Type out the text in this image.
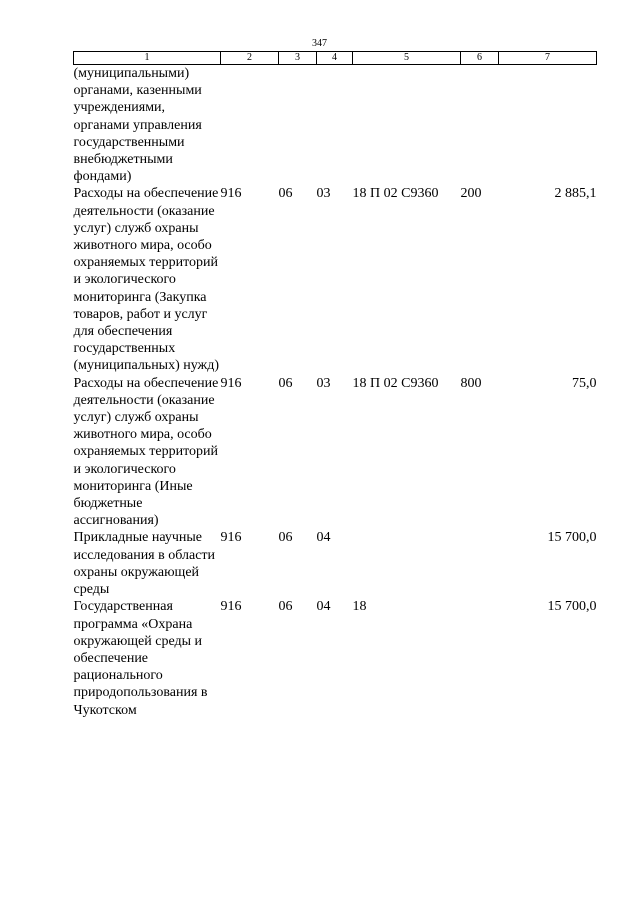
347
1	2	3	4	5	6	7
(муниципальными) органами, казенными учреждениями, органами управления государственными внебюджетными фондами)						
Расходы на обеспечение деятельности (оказание услуг) служб охраны животного мира, особо охраняемых территорий и экологического мониторинга (Закупка товаров, работ и услуг для обеспечения государственных (муниципальных) нужд)	916	06	03	18 П 02 С9360	200	2 885,1
Расходы на обеспечение деятельности (оказание услуг) служб охраны животного мира, особо охраняемых территорий и экологического мониторинга (Иные бюджетные ассигнования)	916	06	03	18 П 02 С9360	800	75,0
Прикладные научные исследования в области охраны окружающей среды	916	06	04			15 700,0
Государственная программа «Охрана окружающей среды и обеспечение рационального природопользования в Чукотском	916	06	04	18		15 700,0
